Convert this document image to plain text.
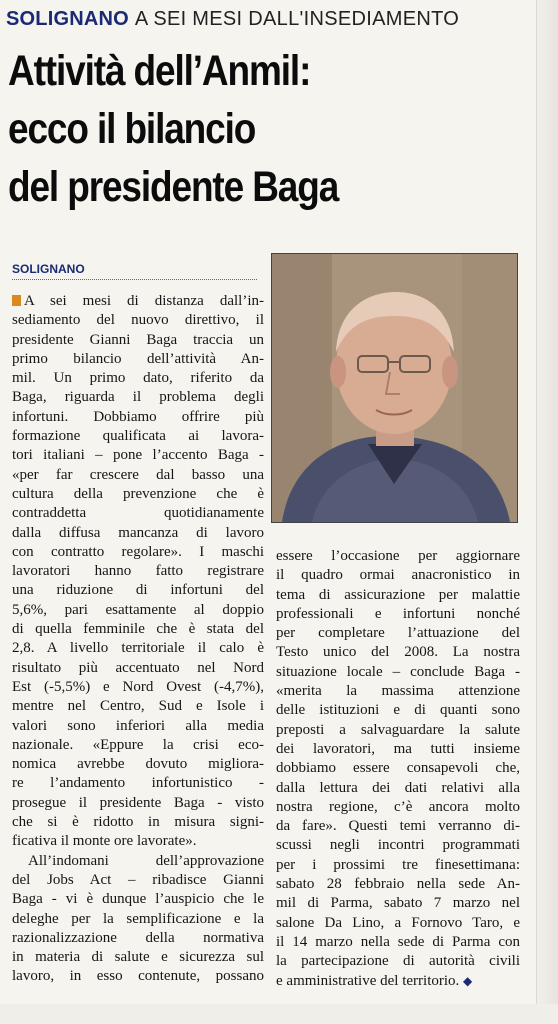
SOLIGNANO A SEI MESI DALL'INSEDIAMENTO
Attività dell’Anmil:
ecco il bilancio
del presidente Baga
SOLIGNANO
A sei mesi di distanza dall’in-
sediamento del nuovo direttivo, il
presidente Gianni Baga traccia un
primo bilancio dell’attività An-
mil. Un primo dato, riferito da
Baga, riguarda il problema degli
infortuni. Dobbiamo offrire più
formazione qualificata ai lavora-
tori italiani – pone l’accento Baga -
«per far crescere dal basso una
cultura della prevenzione che è
contraddetta quotidianamente
dalla diffusa mancanza di lavoro
con contratto regolare». I maschi
lavoratori hanno fatto registrare
una riduzione di infortuni del
5,6%, pari esattamente al doppio
di quella femminile che è stata del
2,8. A livello territoriale il calo è
risultato più accentuato nel Nord
Est (-5,5%) e Nord Ovest (-4,7%),
mentre nel Centro, Sud e Isole i
valori sono inferiori alla media
nazionale. «Eppure la crisi eco-
nomica avrebbe dovuto migliora-
re l’andamento infortunistico -
prosegue il presidente Baga - visto
che si è ridotto in misura signi-
ficativa il monte ore lavorate».
All’indomani dell’approvazione
del Jobs Act – ribadisce Gianni
Baga - vi è dunque l’auspicio che le
deleghe per la semplificazione e la
razionalizzazione della normativa
in materia di salute e sicurezza sul
lavoro, in esso contenute, possano
essere l’occasione per aggiornare
il quadro ormai anacronistico in
tema di assicurazione per malattie
professionali e infortuni nonché
per completare l’attuazione del
Testo unico del 2008. La nostra
situazione locale – conclude Baga -
«merita la massima attenzione
delle istituzioni e di quanti sono
preposti a salvaguardare la salute
dei lavoratori, ma tutti insieme
dobbiamo essere consapevoli che,
dalla lettura dei dati relativi alla
nostra regione, c’è ancora molto
da fare». Questi temi verranno di-
scussi negli incontri programmati
per i prossimi tre finesettimana:
sabato 28 febbraio nella sede An-
mil di Parma, sabato 7 marzo nel
salone Da Lino, a Fornovo Taro, e
il 14 marzo nella sede di Parma con
la partecipazione di autorità civili
e amministrative del territorio. ◆
